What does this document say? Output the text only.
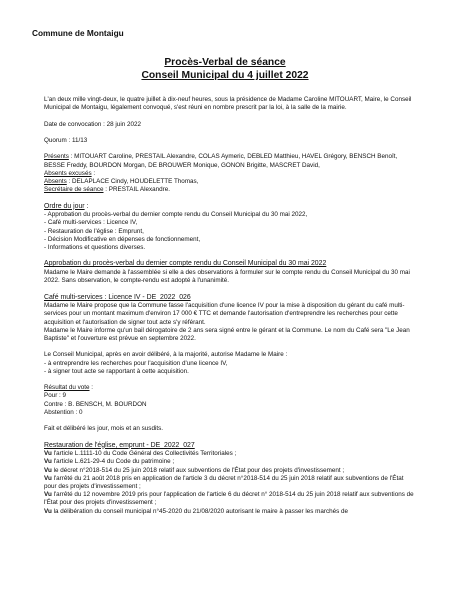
Commune de Montaigu
Procès-Verbal de séance
Conseil Municipal du 4 juillet 2022

L'an deux mille vingt-deux, le quatre juillet à dix-neuf heures, sous la présidence de Madame Caroline MITOUART, Maire, le Conseil Municipal de Montaigu, légalement convoqué, s'est réuni en nombre prescrit par la loi, à la salle de la mairie.

Date de convocation : 28 juin 2022

Quorum : 11/13

Présents : MITOUART Caroline, PRESTAIL Alexandre, COLAS Aymeric, DEBLED Matthieu, HAVEL Grégory, BENSCH Benoît, BESSE Freddy, BOURDON Morgan, DE BROUWER Monique, GONON Brigitte, MASCRET David,

Absents excusés :

Absents : DELAPLACE Cindy, HOUDELETTE Thomas,

Secrétaire de séance : PRESTAIL Alexandre.

Ordre du jour :

- Approbation du procès-verbal du dernier compte rendu du Conseil Municipal du 30 mai 2022,

- Café multi-services : Licence IV,

- Restauration de l'église : Emprunt,

- Décision Modificative en dépenses de fonctionnement,

- Informations et questions diverses.

Approbation du procès-verbal du dernier compte rendu du Conseil Municipal du 30 mai 2022

Madame le Maire demande à l'assemblée si elle a des observations à formuler sur le compte rendu du Conseil Municipal du 30 mai 2022. Sans observation, le compte-rendu est adopté à l'unanimité.

Café multi-services : Licence IV - DE_2022_026

Madame le Maire propose que la Commune fasse l'acquisition d'une licence IV pour la mise à disposition du gérant du café multi-services pour un montant maximum d'environ 17 000 € TTC et demande l'autorisation d'entreprendre les recherches pour cette acquisition et l'autorisation de signer tout acte s'y référant.

Madame le Maire informe qu'un bail dérogatoire de 2 ans sera signé entre le gérant et la Commune. Le nom du Café sera "Le Jean Baptiste" et l'ouverture est prévue en septembre 2022.

Le Conseil Municipal, après en avoir délibéré, à la majorité, autorise Madame le Maire :

- à entreprendre les recherches pour l'acquisition d'une licence IV,

- à signer tout acte se rapportant à cette acquisition.

Résultat du vote :

Pour : 9

Contre : B. BENSCH, M. BOURDON

Abstention : 0

Fait et délibéré les jour, mois et an susdits.

Restauration de l'église, emprunt - DE_2022_027

Vu l'article L.1111-10 du Code Général des Collectivités Territoriales ;

Vu l'article L.621-29-4 du Code du patrimoine ;

Vu le décret n°2018-514 du 25 juin 2018 relatif aux subventions de l'État pour des projets d'investissement ;

Vu l'arrêté du 21 août 2018 pris en application de l'article 3 du décret n°2018-514 du 25 juin 2018 relatif aux subventions de l'État pour des projets d'investissement ;

Vu l'arrêté du 12 novembre 2019 pris pour l'application de l'article 6 du décret n° 2018-514 du 25 juin 2018 relatif aux subventions de l'État pour des projets d'investissement ;

Vu la délibération du conseil municipal n°45-2020 du 21/08/2020 autorisant le maire à passer les marchés de
